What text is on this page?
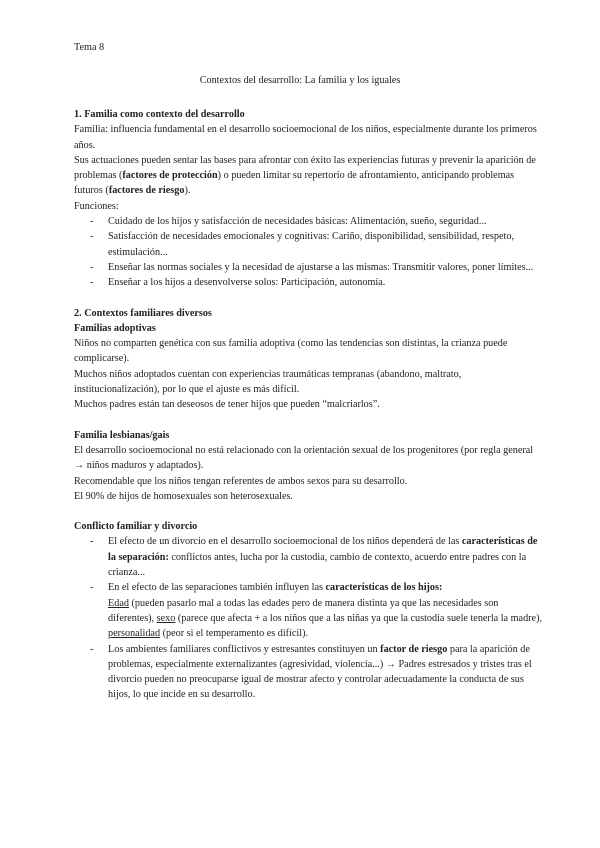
Tema 8
Contextos del desarrollo: La familia y los iguales

1. Familia como contexto del desarrollo

Familia: influencia fundamental en el desarrollo socioemocional de los niños, especialmente durante los primeros años.

Sus actuaciones pueden sentar las bases para afrontar con éxito las experiencias futuras y prevenir la aparición de problemas (factores de protección) o pueden limitar su repertorio de afrontamiento, anticipando problemas futuros (factores de riesgo).

Funciones:

- Cuidado de los hijos y satisfacción de necesidades básicas: Alimentación, sueño, seguridad...
- Satisfacción de necesidades emocionales y cognitivas: Cariño, disponibilidad, sensibilidad, respeto, estimulación...
- Enseñar las normas sociales y la necesidad de ajustarse a las mismas: Transmitir valores, poner límites...
- Enseñar a los hijos a desenvolverse solos: Participación, autonomía.

2. Contextos familiares diversos

Familias adoptivas

Niños no comparten genética con sus familia adoptiva (como las tendencias son distintas, la crianza puede complicarse).

Muchos niños adoptados cuentan con experiencias traumáticas tempranas (abandono, maltrato, institucionalización), por lo que el ajuste es más difícil.

Muchos padres están tan deseosos de tener hijos que pueden “malcriarlos”.

Familia lesbianas/gais

El desarrollo socioemocional no está relacionado con la orientación sexual de los progenitores (por regla general → niños maduros y adaptados).

Recomendable que los niños tengan referentes de ambos sexos para su desarrollo.

El 90% de hijos de homosexuales son heterosexuales.

Conflicto familiar y divorcio

- El efecto de un divorcio en el desarrollo socioemocional de los niños dependerá de las características de la separación: conflictos antes, lucha por la custodia, cambio de contexto, acuerdo entre padres con la crianza...
- En el efecto de las separaciones también influyen las características de los hijos:
Edad (pueden pasarlo mal a todas las edades pero de manera distinta ya que las necesidades son diferentes), sexo (parece que afecta + a los niños que a las niñas ya que la custodia suele tenerla la madre), personalidad (peor si el temperamento es difícil).
- Los ambientes familiares conflictivos y estresantes constituyen un factor de riesgo para la aparición de problemas, especialmente externalizantes (agresividad, violencia...) → Padres estresados y tristes tras el divorcio pueden no preocuparse igual de mostrar afecto y controlar adecuadamente la conducta de sus hijos, lo que incide en su desarrollo.
